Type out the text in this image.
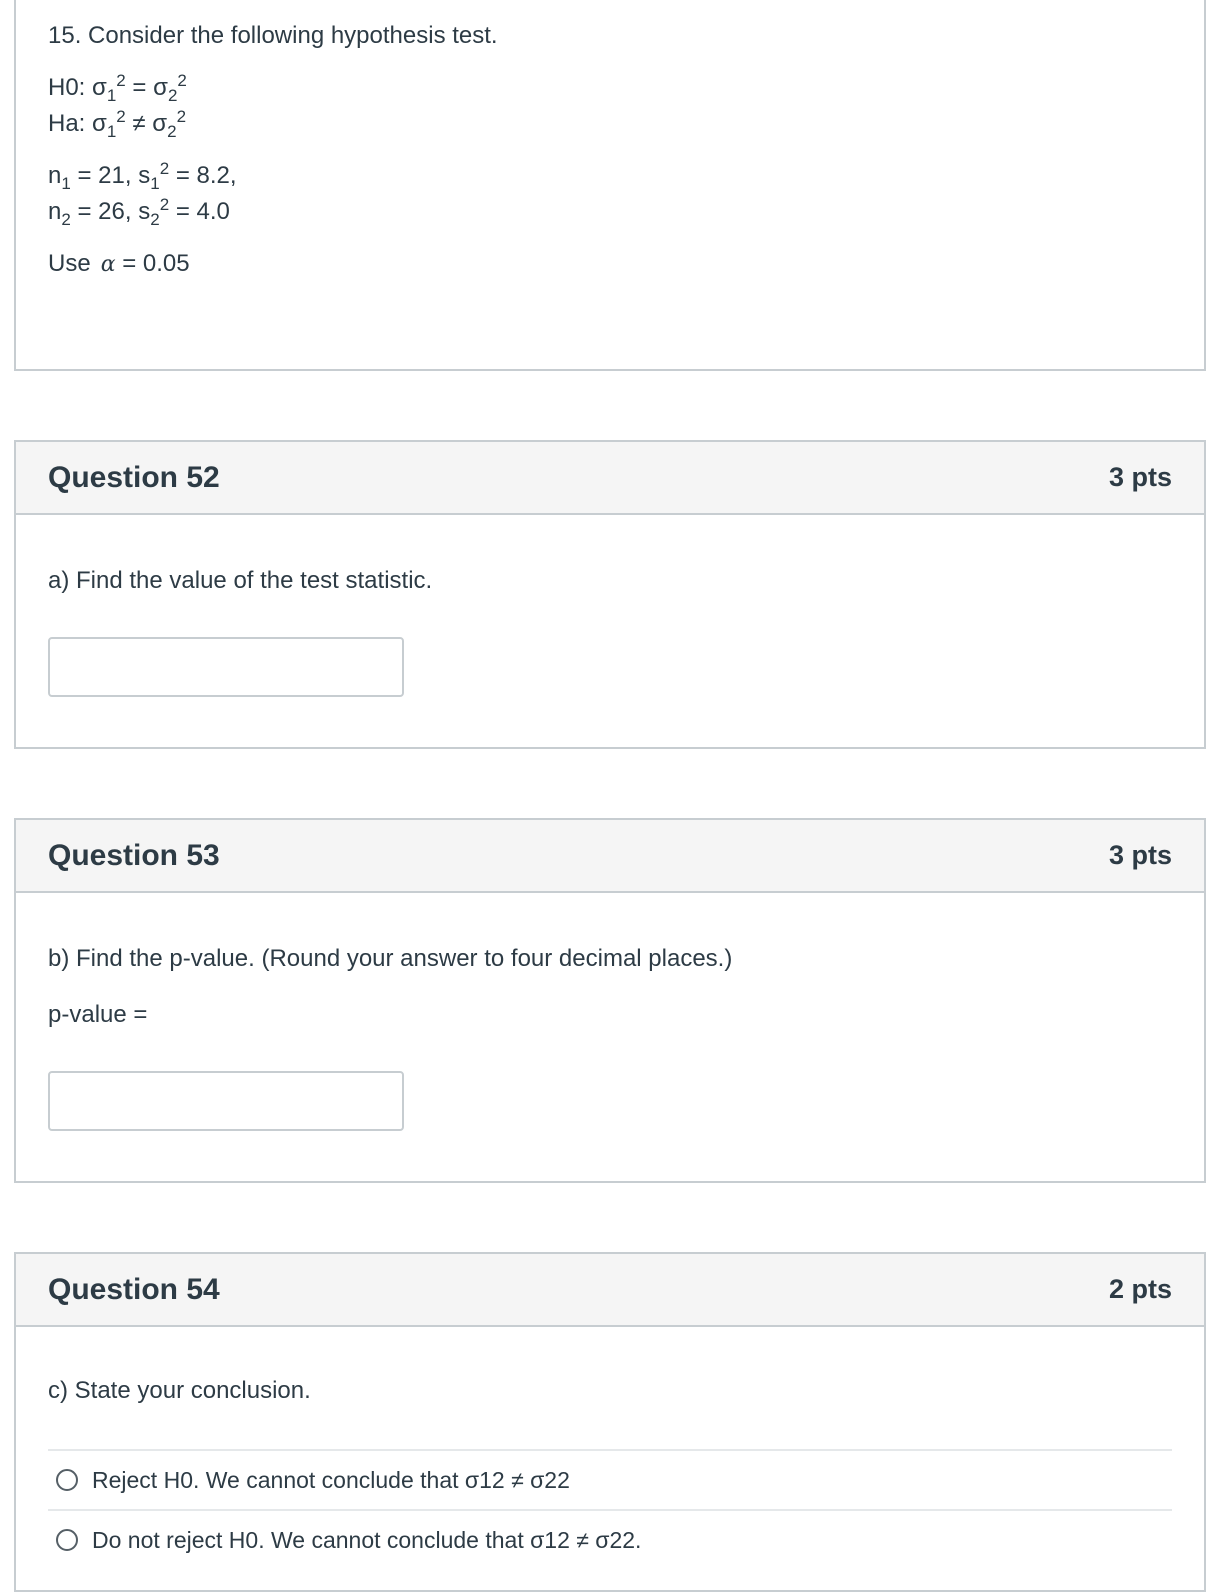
15. Consider the following hypothesis test.

H0: $\sigma_1^2 = \sigma_2^2$

Ha: $\sigma_1^2 \ne \sigma_2^2$

$n_1 = 21$, $s_1^2 = 8.2$,

$n_2 = 26$, $s_2^2 = 4.0$

Use α = 0.05

Question 52	3 pts

a) Find the value of the test statistic.

Question 53	3 pts

b) Find the p-value. (Round your answer to four decimal places.)

p-value =

Question 54	2 pts

c) State your conclusion.

Reject H0. We cannot conclude that σ12 ≠ σ22
Do not reject H0. We cannot conclude that σ12 ≠ σ22.
